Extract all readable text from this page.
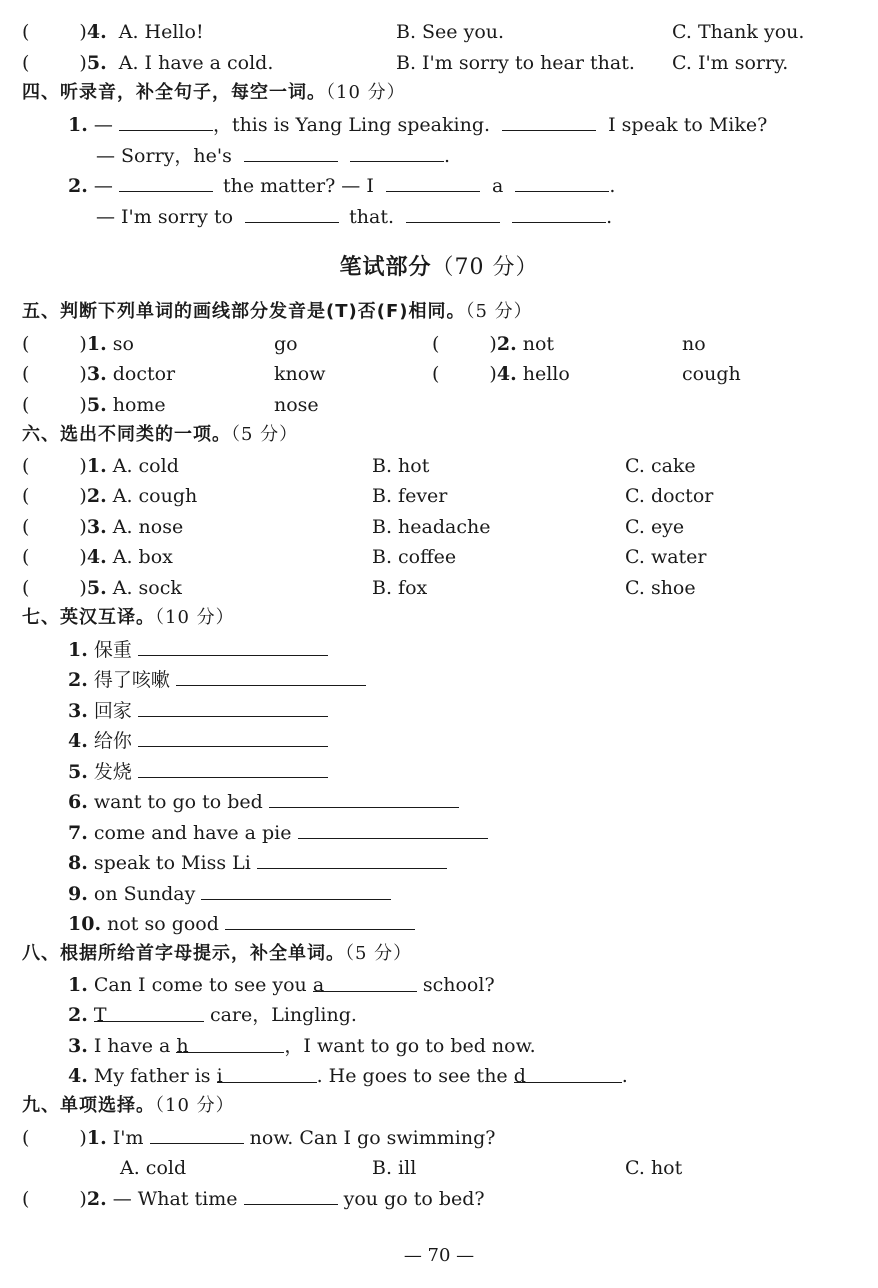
(	)4. A. Hello!	B. See you.	C. Thank you.
(	)5. A. I have a cold.	B. I'm sorry to hear that. C. I'm sorry.
四、听录音，补全句子，每空一词。（10 分）
1. —	，this is Yang Ling speaking.	I speak to Mike?
— Sorry，he's	.
2. —	the matter? — I	a	.
— I'm sorry to	that.	.
笔试部分（70 分）
五、判断下列单词的画线部分发音是(T)否(F)相同。（5 分）
(	)1. so	go	(	)2. not	no
(	)3. doctor	know	(	)4. hello	cough
(	)5. home	nose
六、选出不同类的一项。（5 分）
(	)1. A. cold	B. hot	C. cake
(	)2. A. cough	B. fever	C. doctor
(	)3. A. nose	B. headache	C. eye
(	)4. A. box	B. coffee	C. water
(	)5. A. sock	B. fox	C. shoe
七、英汉互译。（10 分）
1. 保重
2. 得了咳嗽
3. 回家
4. 给你
5. 发烧
6. want to go to bed
7. come and have a pie
8. speak to Miss Li
9. on Sunday
10. not so good
八、根据所给首字母提示，补全单词。（5 分）
1. Can I come to see you a	school?
2. T	care，Lingling.
3. I have a h	，I want to go to bed now.
4. My father is i	. He goes to see the d	.
九、单项选择。（10 分）
(	)1. I'm	now. Can I go swimming?
A. cold	B. ill	C. hot
(	)2. — What time	you go to bed?
— 70 —
